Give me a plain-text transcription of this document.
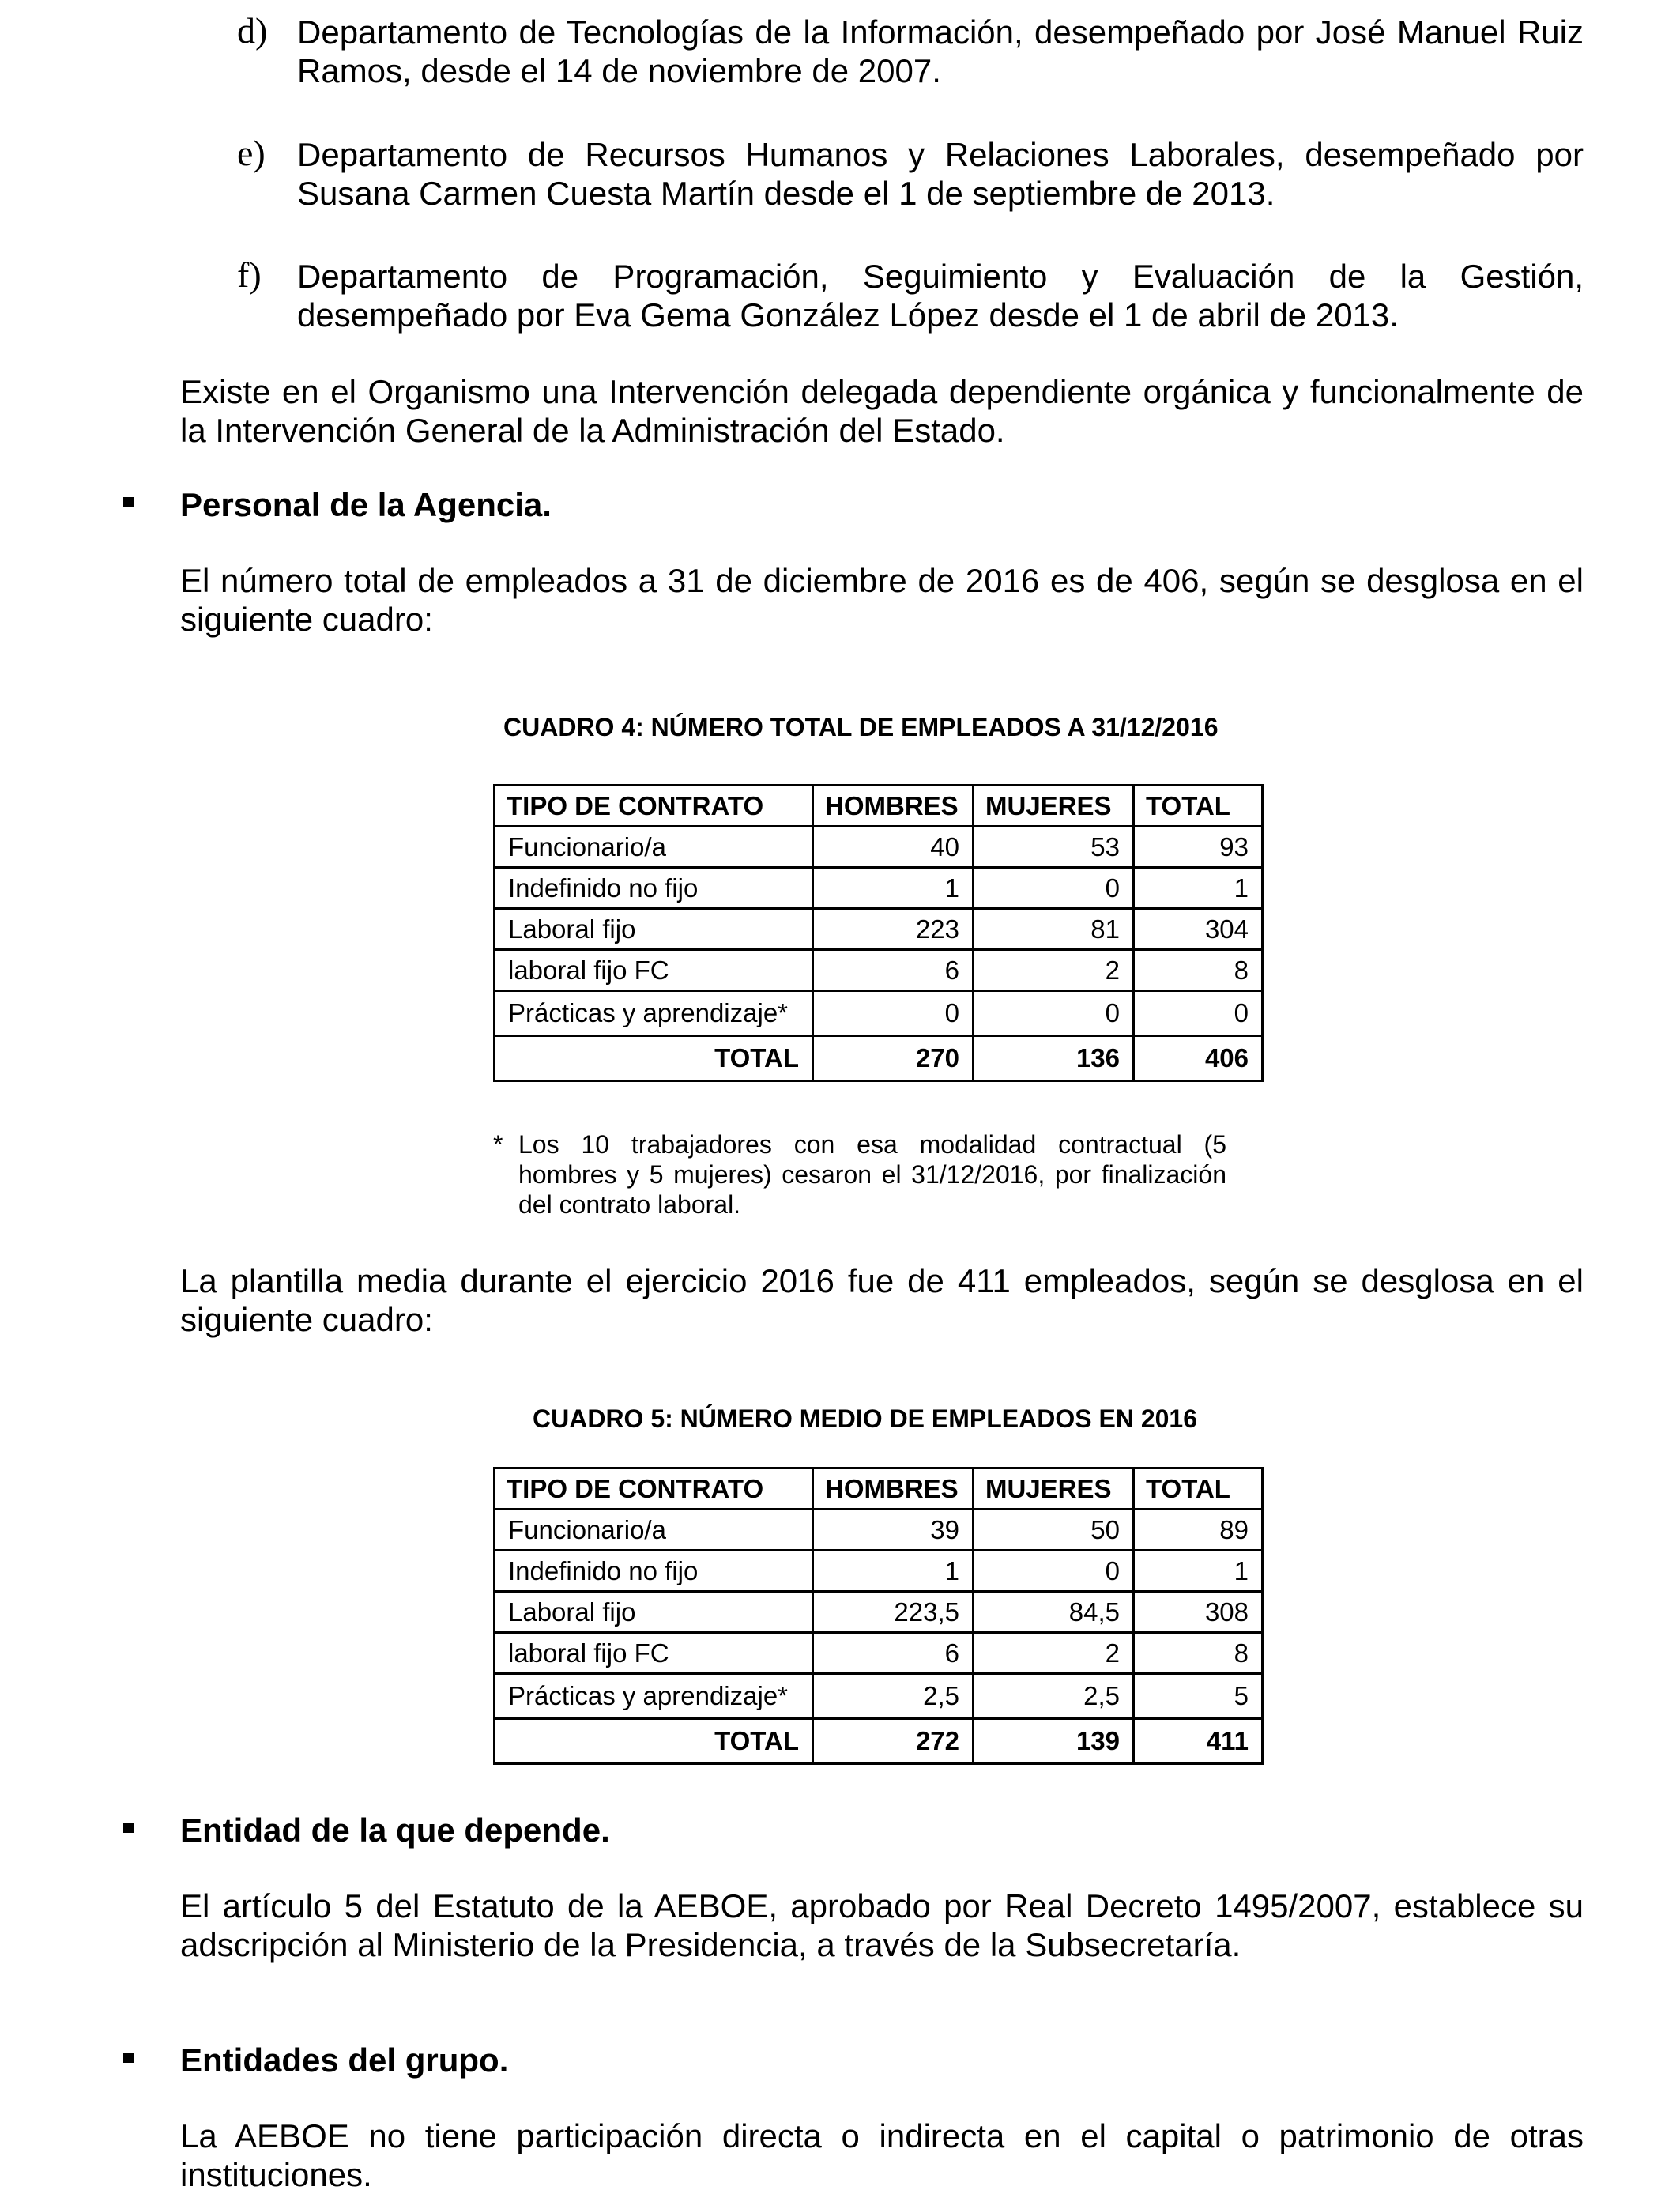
d) Departamento de Tecnologías de la Información, desempeñado por José Manuel Ruiz Ramos, desde el 14 de noviembre de 2007.
e) Departamento de Recursos Humanos y Relaciones Laborales, desempeñado por Susana Carmen Cuesta Martín desde el 1 de septiembre de 2013.
f) Departamento de Programación, Seguimiento y Evaluación de la Gestión, desempeñado por Eva Gema González López desde el 1 de abril de 2013.

Existe en el Organismo una Intervención delegada dependiente orgánica y funcionalmente de la Intervención General de la Administración del Estado.

Personal de la Agencia.

El número total de empleados a 31 de diciembre de 2016 es de 406, según se desglosa en el siguiente cuadro:

CUADRO 4: NÚMERO TOTAL DE EMPLEADOS A 31/12/2016
TIPO DE CONTRATO	HOMBRES	MUJERES	TOTAL
Funcionario/a	40	53	93
Indefinido no fijo	1	0	1
Laboral fijo	223	81	304
laboral fijo FC	6	2	8
Prácticas y aprendizaje*	0	0	0
TOTAL	270	136	406
* Los 10 trabajadores con esa modalidad contractual (5 hombres y 5 mujeres) cesaron el 31/12/2016, por finalización del contrato laboral.

La plantilla media durante el ejercicio 2016 fue de 411 empleados, según se desglosa en el siguiente cuadro:

CUADRO 5: NÚMERO MEDIO DE EMPLEADOS EN 2016
TIPO DE CONTRATO	HOMBRES	MUJERES	TOTAL
Funcionario/a	39	50	89
Indefinido no fijo	1	0	1
Laboral fijo	223,5	84,5	308
laboral fijo FC	6	2	8
Prácticas y aprendizaje*	2,5	2,5	5
TOTAL	272	139	411

Entidad de la que depende.

El artículo 5 del Estatuto de la AEBOE, aprobado por Real Decreto 1495/2007, establece su adscripción al Ministerio de la Presidencia, a través de la Subsecretaría.

Entidades del grupo.

La AEBOE no tiene participación directa o indirecta en el capital o patrimonio de otras instituciones.
